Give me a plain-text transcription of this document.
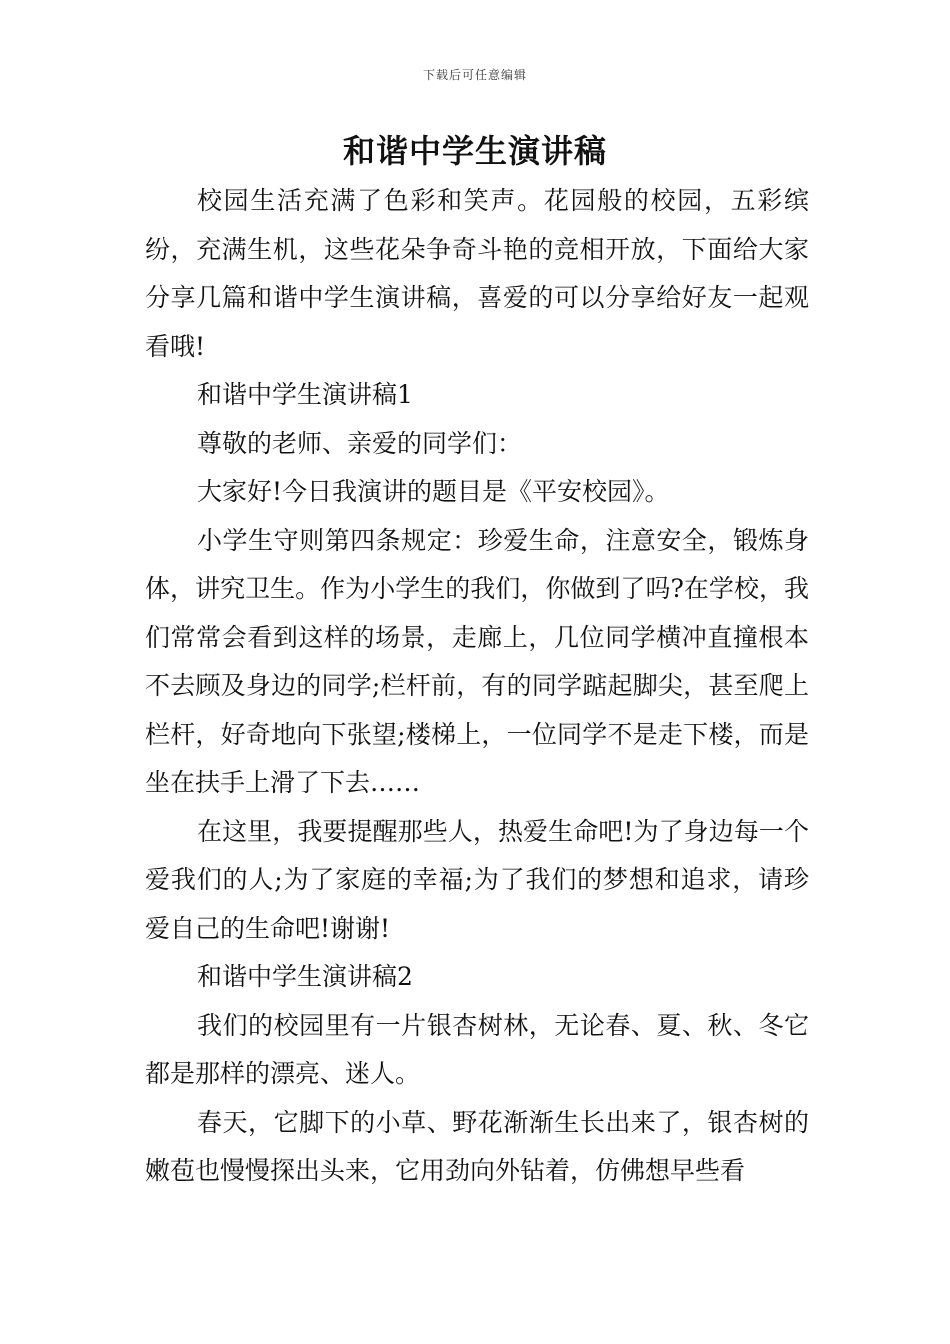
下载后可任意编辑
和谐中学生演讲稿

校园生活充满了色彩和笑声。花园般的校园，五彩缤纷，充满生机，这些花朵争奇斗艳的竞相开放，下面给大家分享几篇和谐中学生演讲稿，喜爱的可以分享给好友一起观看哦!

和谐中学生演讲稿1

尊敬的老师、亲爱的同学们：

大家好!今日我演讲的题目是《平安校园》。

小学生守则第四条规定：珍爱生命，注意安全，锻炼身体，讲究卫生。作为小学生的我们，你做到了吗?在学校，我们常常会看到这样的场景，走廊上，几位同学横冲直撞根本不去顾及身边的同学;栏杆前，有的同学踮起脚尖，甚至爬上栏杆，好奇地向下张望;楼梯上，一位同学不是走下楼，而是坐在扶手上滑了下去……

在这里，我要提醒那些人，热爱生命吧!为了身边每一个爱我们的人;为了家庭的幸福;为了我们的梦想和追求，请珍爱自己的生命吧!谢谢!

和谐中学生演讲稿2

我们的校园里有一片银杏树林，无论春、夏、秋、冬它都是那样的漂亮、迷人。

春天，它脚下的小草、野花渐渐生长出来了，银杏树的嫩苞也慢慢探出头来，它用劲向外钻着，仿佛想早些看
